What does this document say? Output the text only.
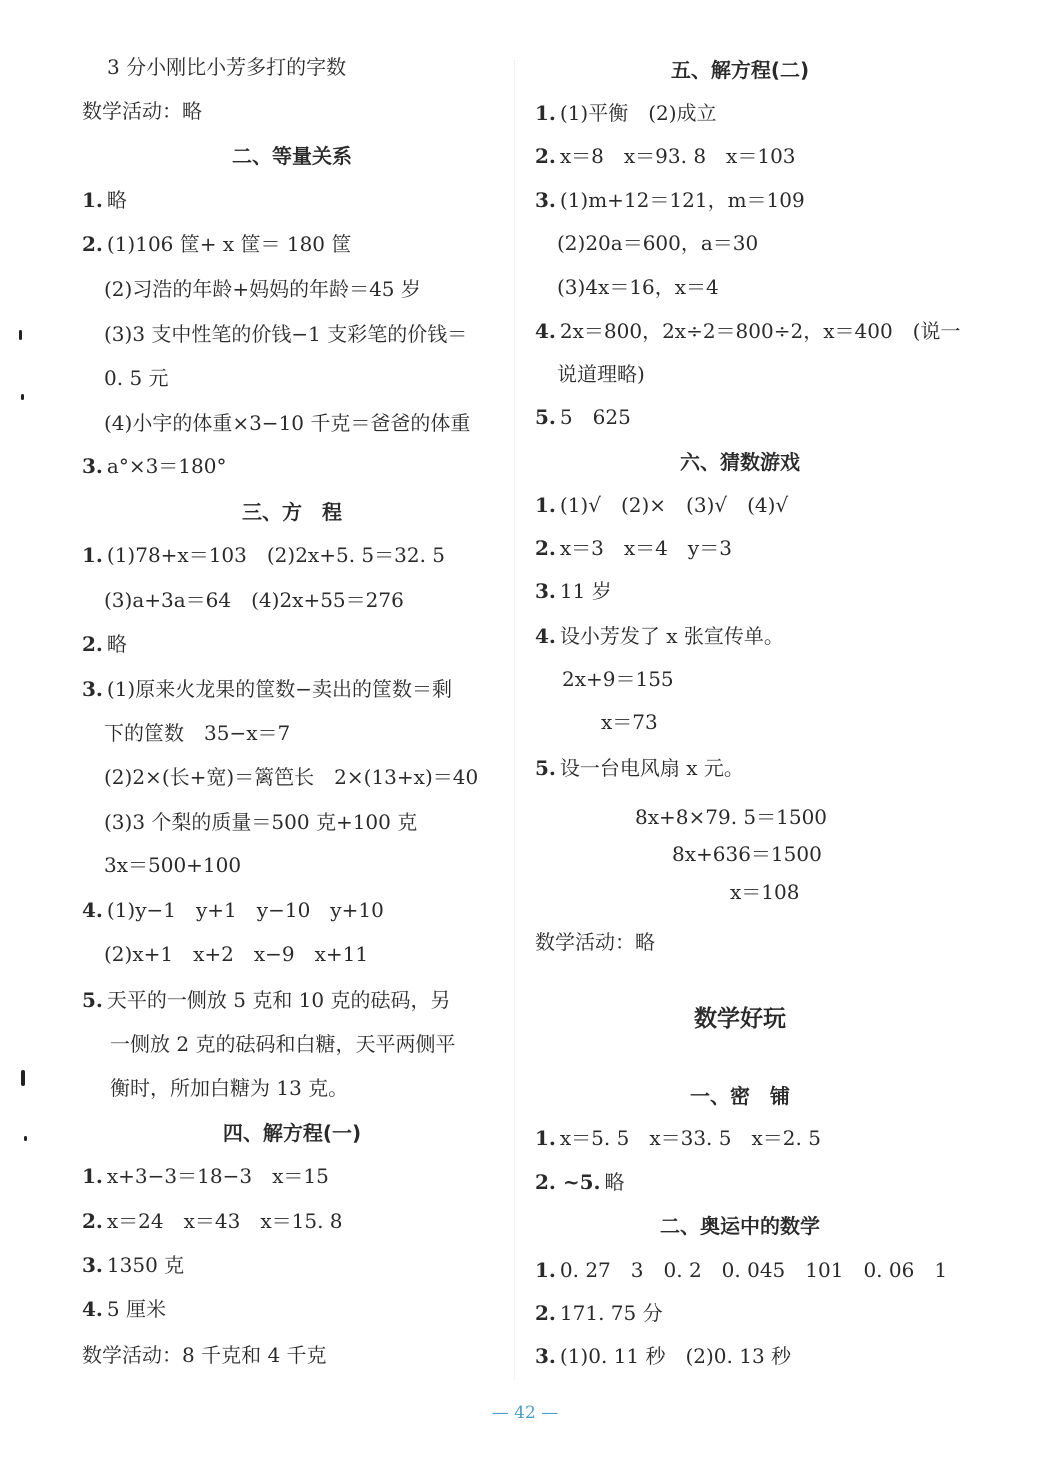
3 分小刚比小芳多打的字数
数学活动：略
二、等量关系
1. 略
2. (1)106 筐+ x 筐＝ 180 筐
(2)习浩的年龄+妈妈的年龄＝45 岁
(3)3 支中性笔的价钱−1 支彩笔的价钱＝
0. 5 元
(4)小宇的体重×3−10 千克＝爸爸的体重
3. a°×3＝180°
三、方　程
1. (1)78+x＝103　(2)2x+5. 5＝32. 5
(3)a+3a＝64　(4)2x+55＝276
2. 略
3. (1)原来火龙果的筐数−卖出的筐数＝剩
下的筐数　35−x＝7
(2)2×(长+宽)＝篱笆长　2×(13+x)＝40
(3)3 个梨的质量＝500 克+100 克
3x＝500+100
4. (1)y−1　y+1　y−10　y+10
(2)x+1　x+2　x−9　x+11
5. 天平的一侧放 5 克和 10 克的砝码，另
一侧放 2 克的砝码和白糖，天平两侧平
衡时，所加白糖为 13 克。
四、解方程(一)
1. x+3−3＝18−3　x＝15
2. x＝24　x＝43　x＝15. 8
3. 1350 克
4. 5 厘米
数学活动：8 千克和 4 千克
五、解方程(二)
1. (1)平衡　(2)成立
2. x＝8　x＝93. 8　x＝103
3. (1)m+12＝121，m＝109
(2)20a＝600，a＝30
(3)4x＝16，x＝4
4. 2x＝800，2x÷2＝800÷2，x＝400　(说一
说道理略)
5. 5　625
六、猜数游戏
1. (1)√　(2)×　(3)√　(4)√
2. x＝3　x＝4　y＝3
3. 11 岁
4. 设小芳发了 x 张宣传单。
2x+9＝155
x＝73
5. 设一台电风扇 x 元。
8x+8×79. 5＝1500
8x+636＝1500
x＝108
数学活动：略
数学好玩
一、密　铺
1. x＝5. 5　x＝33. 5　x＝2. 5
2. ~5. 略
二、奥运中的数学
1. 0. 27　3　0. 2　0. 045　101　0. 06　1
2. 171. 75 分
3. (1)0. 11 秒　(2)0. 13 秒
— 42 —
